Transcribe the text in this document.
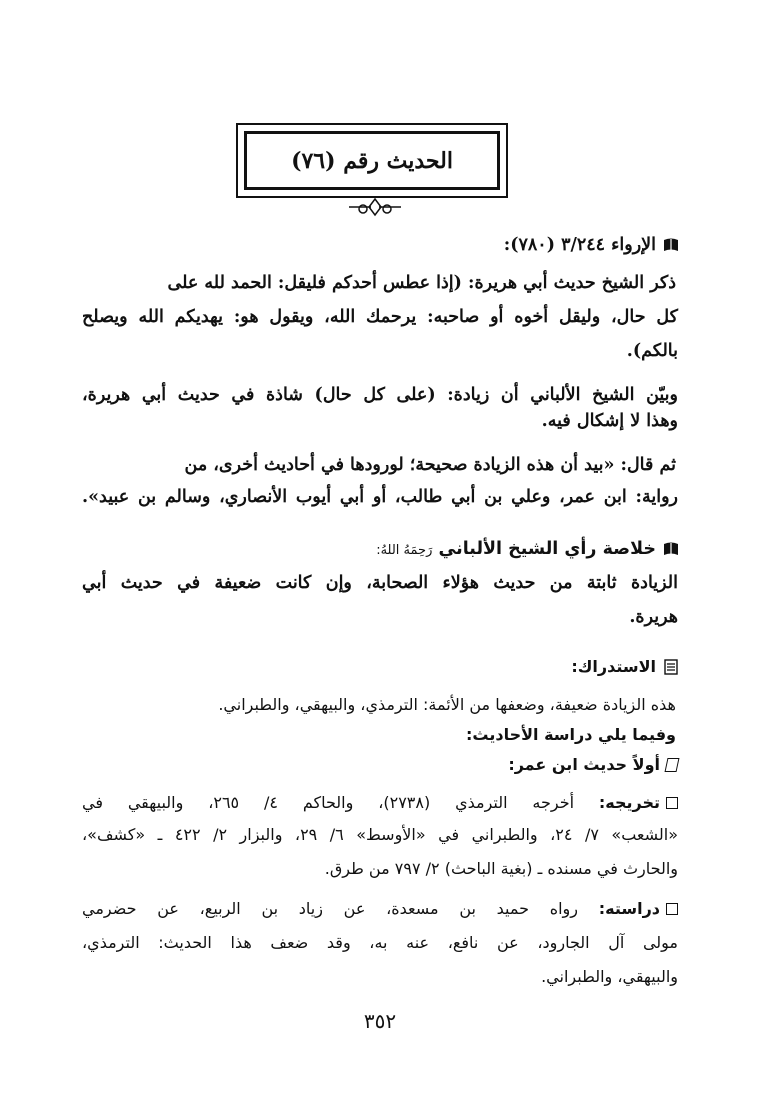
الحديث رقم (٧٦)
الإرواء ٣/٢٤٤ (٧٨٠):
ذكر الشيخ حديث أبي هريرة: (إذا عطس أحدكم فليقل: الحمد لله على
كل حال، وليقل أخوه أو صاحبه: يرحمك الله، ويقول هو: يهديكم الله ويصلح
بالكم).
وبيّن الشيخ الألباني أن زيادة: (على كل حال) شاذة في حديث أبي هريرة،
وهذا لا إشكال فيه.
ثم قال: «بيد أن هذه الزيادة صحيحة؛ لورودها في أحاديث أخرى، من
رواية: ابن عمر، وعلي بن أبي طالب، أو أبي أيوب الأنصاري، وسالم بن عبيد».
خلاصة رأي الشيخ الألباني رَحِمَهُ اللهُ:
الزيادة ثابتة من حديث هؤلاء الصحابة، وإن كانت ضعيفة في حديث أبي
هريرة.
الاستدراك:
هذه الزيادة ضعيفة، وضعفها من الأئمة: الترمذي، والبيهقي، والطبراني.
وفيما يلي دراسة الأحاديث:
أولاً حديث ابن عمر:
تخريجه: أخرجه الترمذي (٢٧٣٨)، والحاكم ٤/ ٢٦٥، والبيهقي في
«الشعب» ٧/ ٢٤، والطبراني في «الأوسط» ٦/ ٢٩، والبزار ٢/ ٤٢٢ ـ «كشف»،
والحارث في مسنده ـ (بغية الباحث) ٢/ ٧٩٧ من طرق.
دراسته: رواه حميد بن مسعدة، عن زياد بن الربيع، عن حضرمي
مولى آل الجارود، عن نافع، عنه به، وقد ضعف هذا الحديث: الترمذي،
والبيهقي، والطبراني.
٣٥٢
